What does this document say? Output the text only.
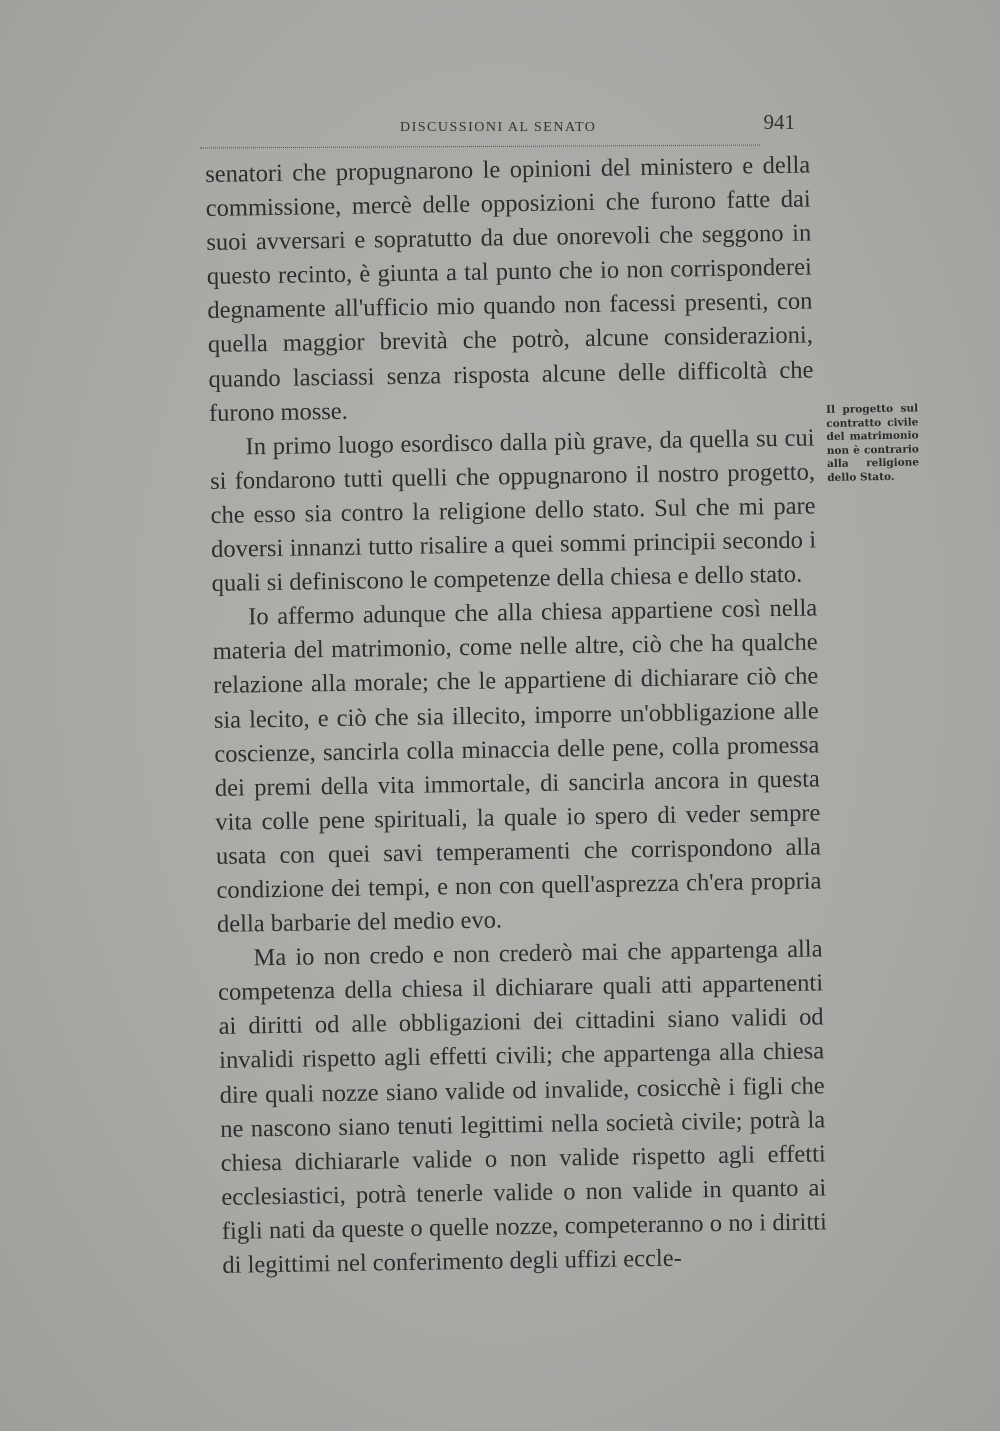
DISCUSSIONI AL SENATO	941

senatori che propugnarono le opinioni del ministero e della commissione, mercè delle opposizioni che furono fatte dai suoi avversari e sopratutto da due onorevoli che seggono in questo recinto, è giunta a tal punto che io non corrisponderei degnamente all'ufficio mio quando non facessi presenti, con quella maggior brevità che potrò, alcune considerazioni, quando lasciassi senza risposta alcune delle difficoltà che furono mosse.

In primo luogo esordisco dalla più grave, da quella su cui si fondarono tutti quelli che oppugnarono il nostro progetto, che esso sia contro la religione dello stato. Sul che mi pare doversi innanzi tutto risalire a quei sommi principii secondo i quali si definiscono le competenze della chiesa e dello stato.

Io affermo adunque che alla chiesa appartiene così nella materia del matrimonio, come nelle altre, ciò che ha qualche relazione alla morale; che le appartiene di dichiarare ciò che sia lecito, e ciò che sia illecito, imporre un'obbligazione alle coscienze, sancirla colla minaccia delle pene, colla promessa dei premi della vita immortale, di sancirla ancora in questa vita colle pene spirituali, la quale io spero di veder sempre usata con quei savi temperamenti che corrispondono alla condizione dei tempi, e non con quell'asprezza ch'era propria della barbarie del medio evo.

Ma io non credo e non crederò mai che appartenga alla competenza della chiesa il dichiarare quali atti appartenenti ai diritti od alle obbligazioni dei cittadini siano validi od invalidi rispetto agli effetti civili; che appartenga alla chiesa dire quali nozze siano valide od invalide, cosicchè i figli che ne nascono siano tenuti legittimi nella società civile; potrà la chiesa dichiararle valide o non valide rispetto agli effetti ecclesiastici, potrà tenerle valide o non valide in quanto ai figli nati da queste o quelle nozze, competeranno o no i diritti di legittimi nel conferimento degli uffizi eccle-

Il progetto sul contratto civile del matrimonio non è contrario alla religione dello Stato.
